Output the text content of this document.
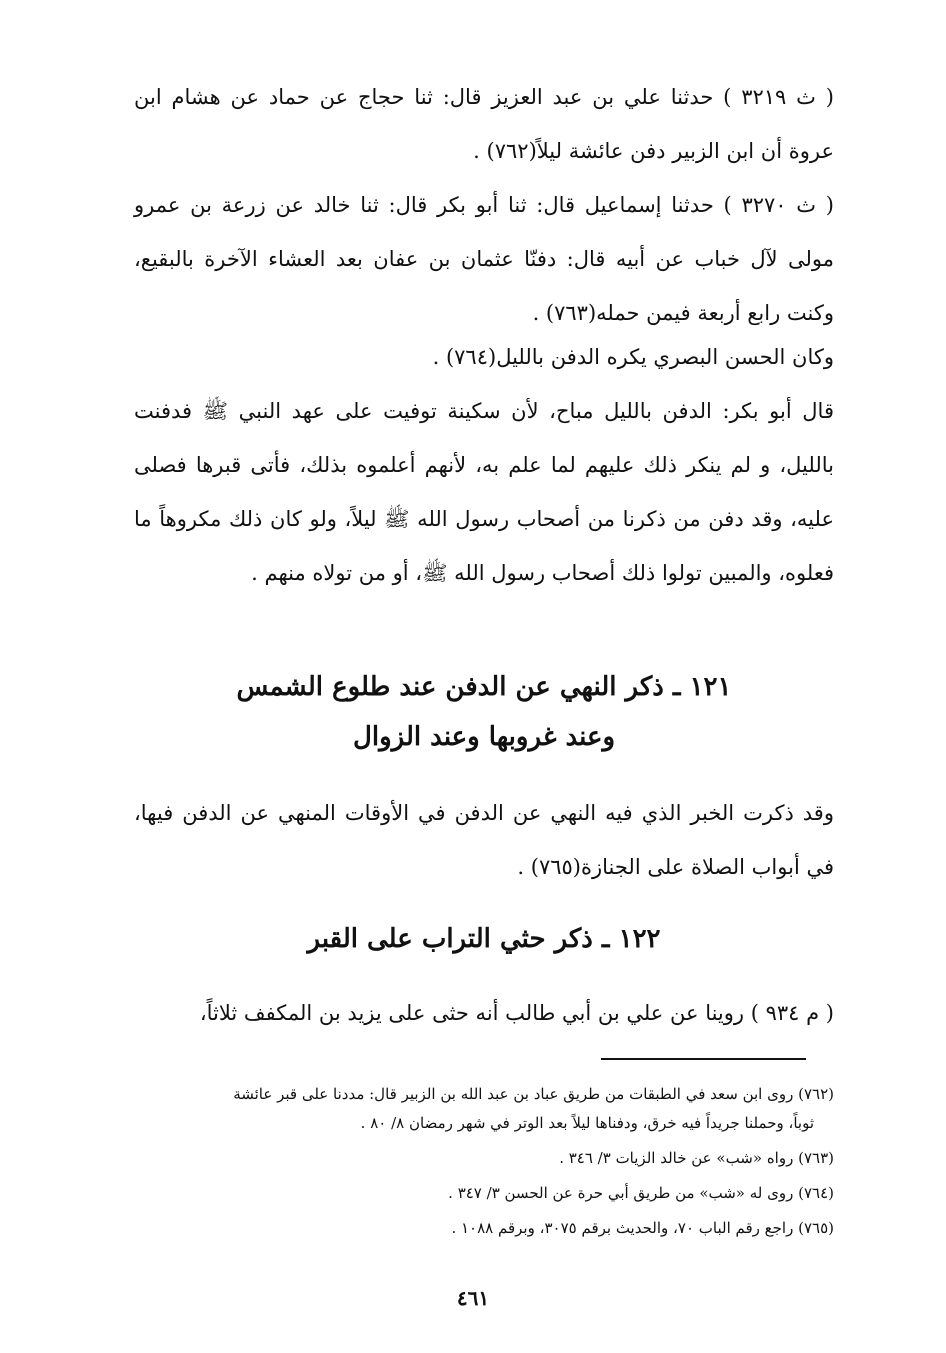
( ث ٣٢١٩ ) حدثنا علي بن عبد العزيز قال: ثنا حجاج عن حماد عن هشام ابن عروة أن ابن الزبير دفن عائشة ليلاً(٧٦٢) .

( ث ٣٢٧٠ ) حدثنا إسماعيل قال: ثنا أبو بكر قال: ثنا خالد عن زرعة بن عمرو مولى لآل خباب عن أبيه قال: دفنّا عثمان بن عفان بعد العشاء الآخرة بالبقيع، وكنت رابع أربعة فيمن حمله(٧٦٣) .

وكان الحسن البصري يكره الدفن بالليل(٧٦٤) .

قال أبو بكر: الدفن بالليل مباح، لأن سكينة توفيت على عهد النبي ﷺ فدفنت بالليل، و لم ينكر ذلك عليهم لما علم به، لأنهم أعلموه بذلك، فأتى قبرها فصلى عليه، وقد دفن من ذكرنا من أصحاب رسول الله ﷺ ليلاً، ولو كان ذلك مكروهاً ما فعلوه، والمبين تولوا ذلك أصحاب رسول الله ﷺ، أو من تولاه منهم .

١٢١ ـ ذكر النهي عن الدفن عند طلوع الشمس
وعند غروبها وعند الزوال

وقد ذكرت الخبر الذي فيه النهي عن الدفن في الأوقات المنهي عن الدفن فيها، في أبواب الصلاة على الجنازة(٧٦٥) .

١٢٢ ـ ذكر حثي التراب على القبر

( م ٩٣٤ ) روينا عن علي بن أبي طالب أنه حثى على يزيد بن المكفف ثلاثاً،

(٧٦٢) روى ابن سعد في الطبقات من طريق عباد بن عبد الله بن الزبير قال: مددنا على قبر عائشة

ثوباً، وحملنا جريداً فيه خرق، ودفناها ليلاً بعد الوتر في شهر رمضان ٨/ ٨٠ .

(٧٦٣) رواه «شب» عن خالد الزيات ٣/ ٣٤٦ .

(٧٦٤) روى له «شب» من طريق أبي حرة عن الحسن ٣/ ٣٤٧ .

(٧٦٥) راجع رقم الباب ٧٠، والحديث برقم ٣٠٧٥، وبرقم ١٠٨٨ .

٤٦١
